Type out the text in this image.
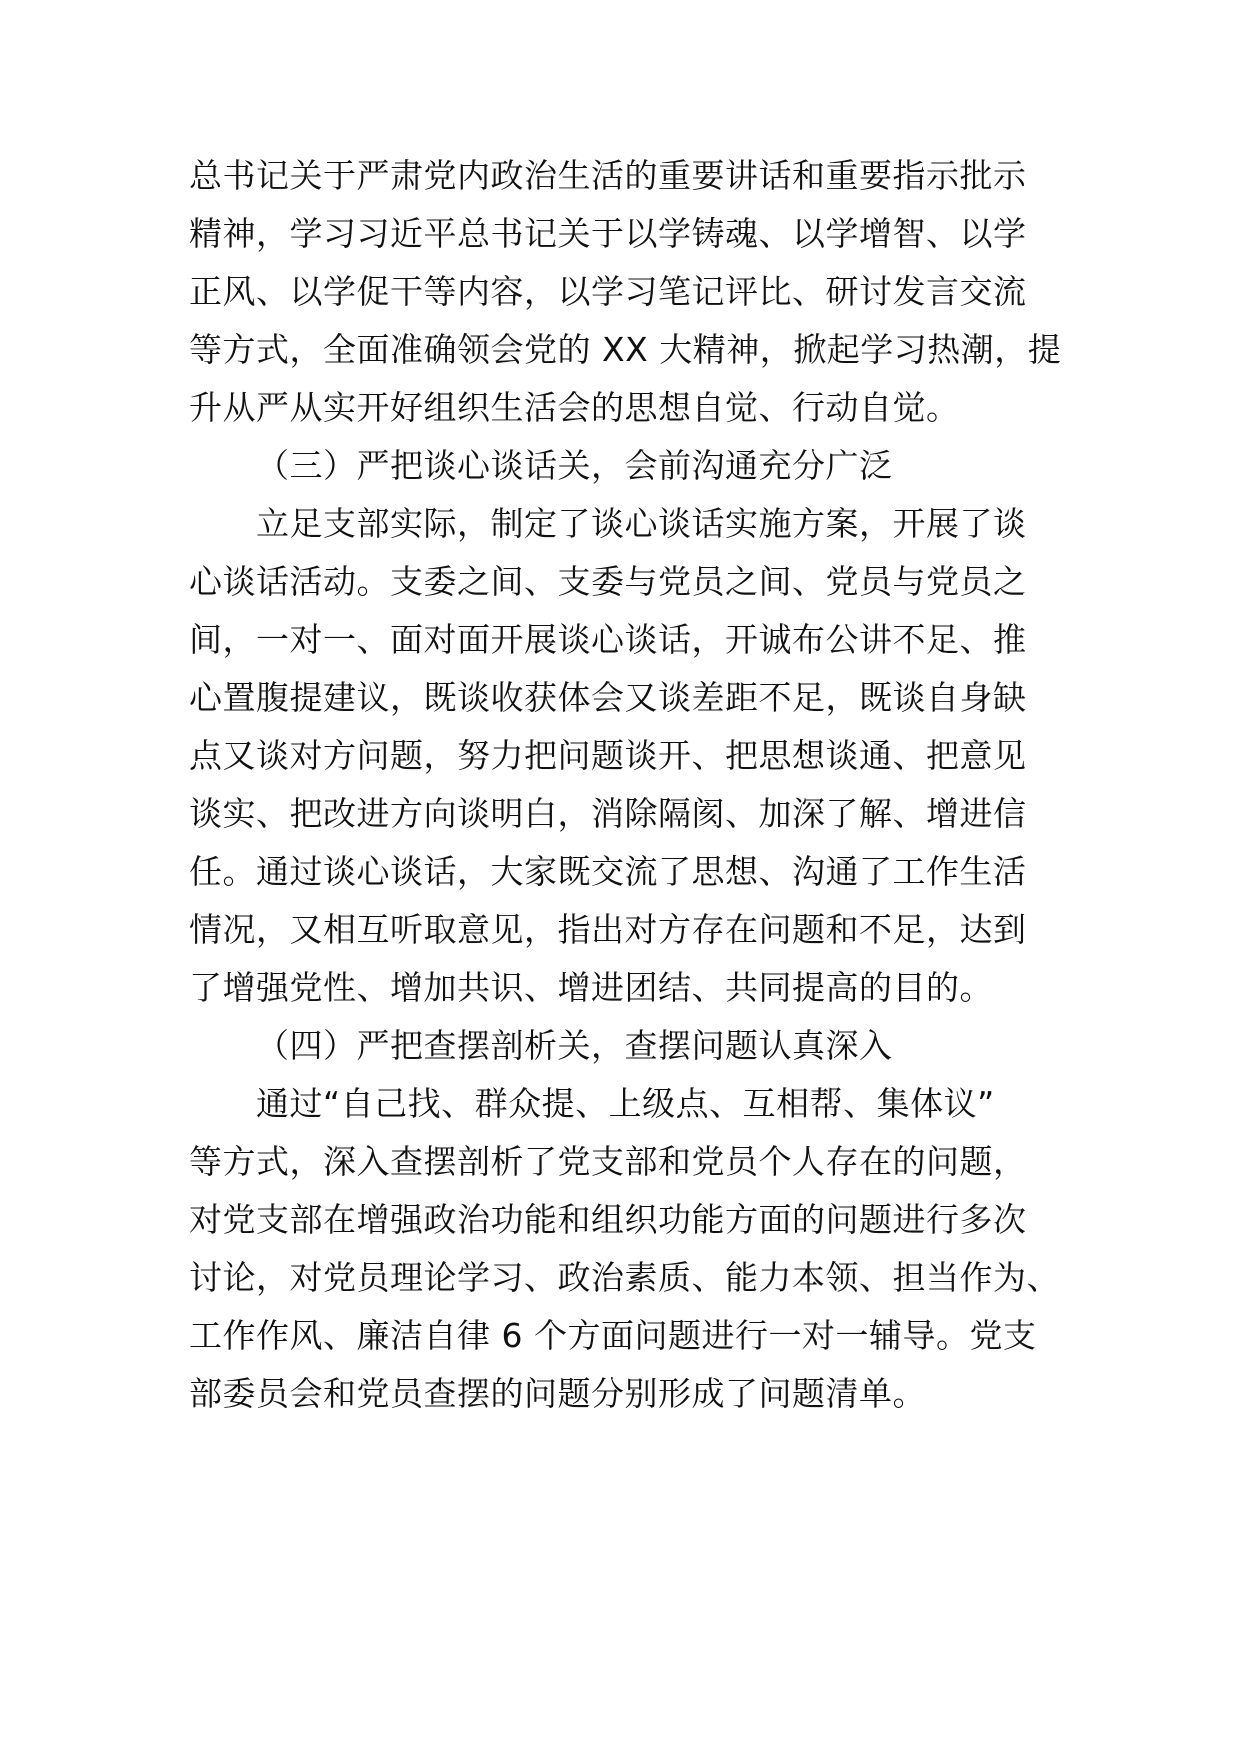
总书记关于严肃党内政治生活的重要讲话和重要指示批示
精神，学习习近平总书记关于以学铸魂、以学增智、以学
正风、以学促干等内容，以学习笔记评比、研讨发言交流
等方式，全面准确领会党的 XX 大精神，掀起学习热潮，提
升从严从实开好组织生活会的思想自觉、行动自觉。
（三）严把谈心谈话关，会前沟通充分广泛
立足支部实际，制定了谈心谈话实施方案，开展了谈
心谈话活动。支委之间、支委与党员之间、党员与党员之
间，一对一、面对面开展谈心谈话，开诚布公讲不足、推
心置腹提建议，既谈收获体会又谈差距不足，既谈自身缺
点又谈对方问题，努力把问题谈开、把思想谈通、把意见
谈实、把改进方向谈明白，消除隔阂、加深了解、增进信
任。通过谈心谈话，大家既交流了思想、沟通了工作生活
情况，又相互听取意见，指出对方存在问题和不足，达到
了增强党性、增加共识、增进团结、共同提高的目的。
（四）严把查摆剖析关，查摆问题认真深入
通过“自己找、群众提、上级点、互相帮、集体议”
等方式，深入查摆剖析了党支部和党员个人存在的问题，
对党支部在增强政治功能和组织功能方面的问题进行多次
讨论，对党员理论学习、政治素质、能力本领、担当作为、
工作作风、廉洁自律 6 个方面问题进行一对一辅导。党支
部委员会和党员查摆的问题分别形成了问题清单。
